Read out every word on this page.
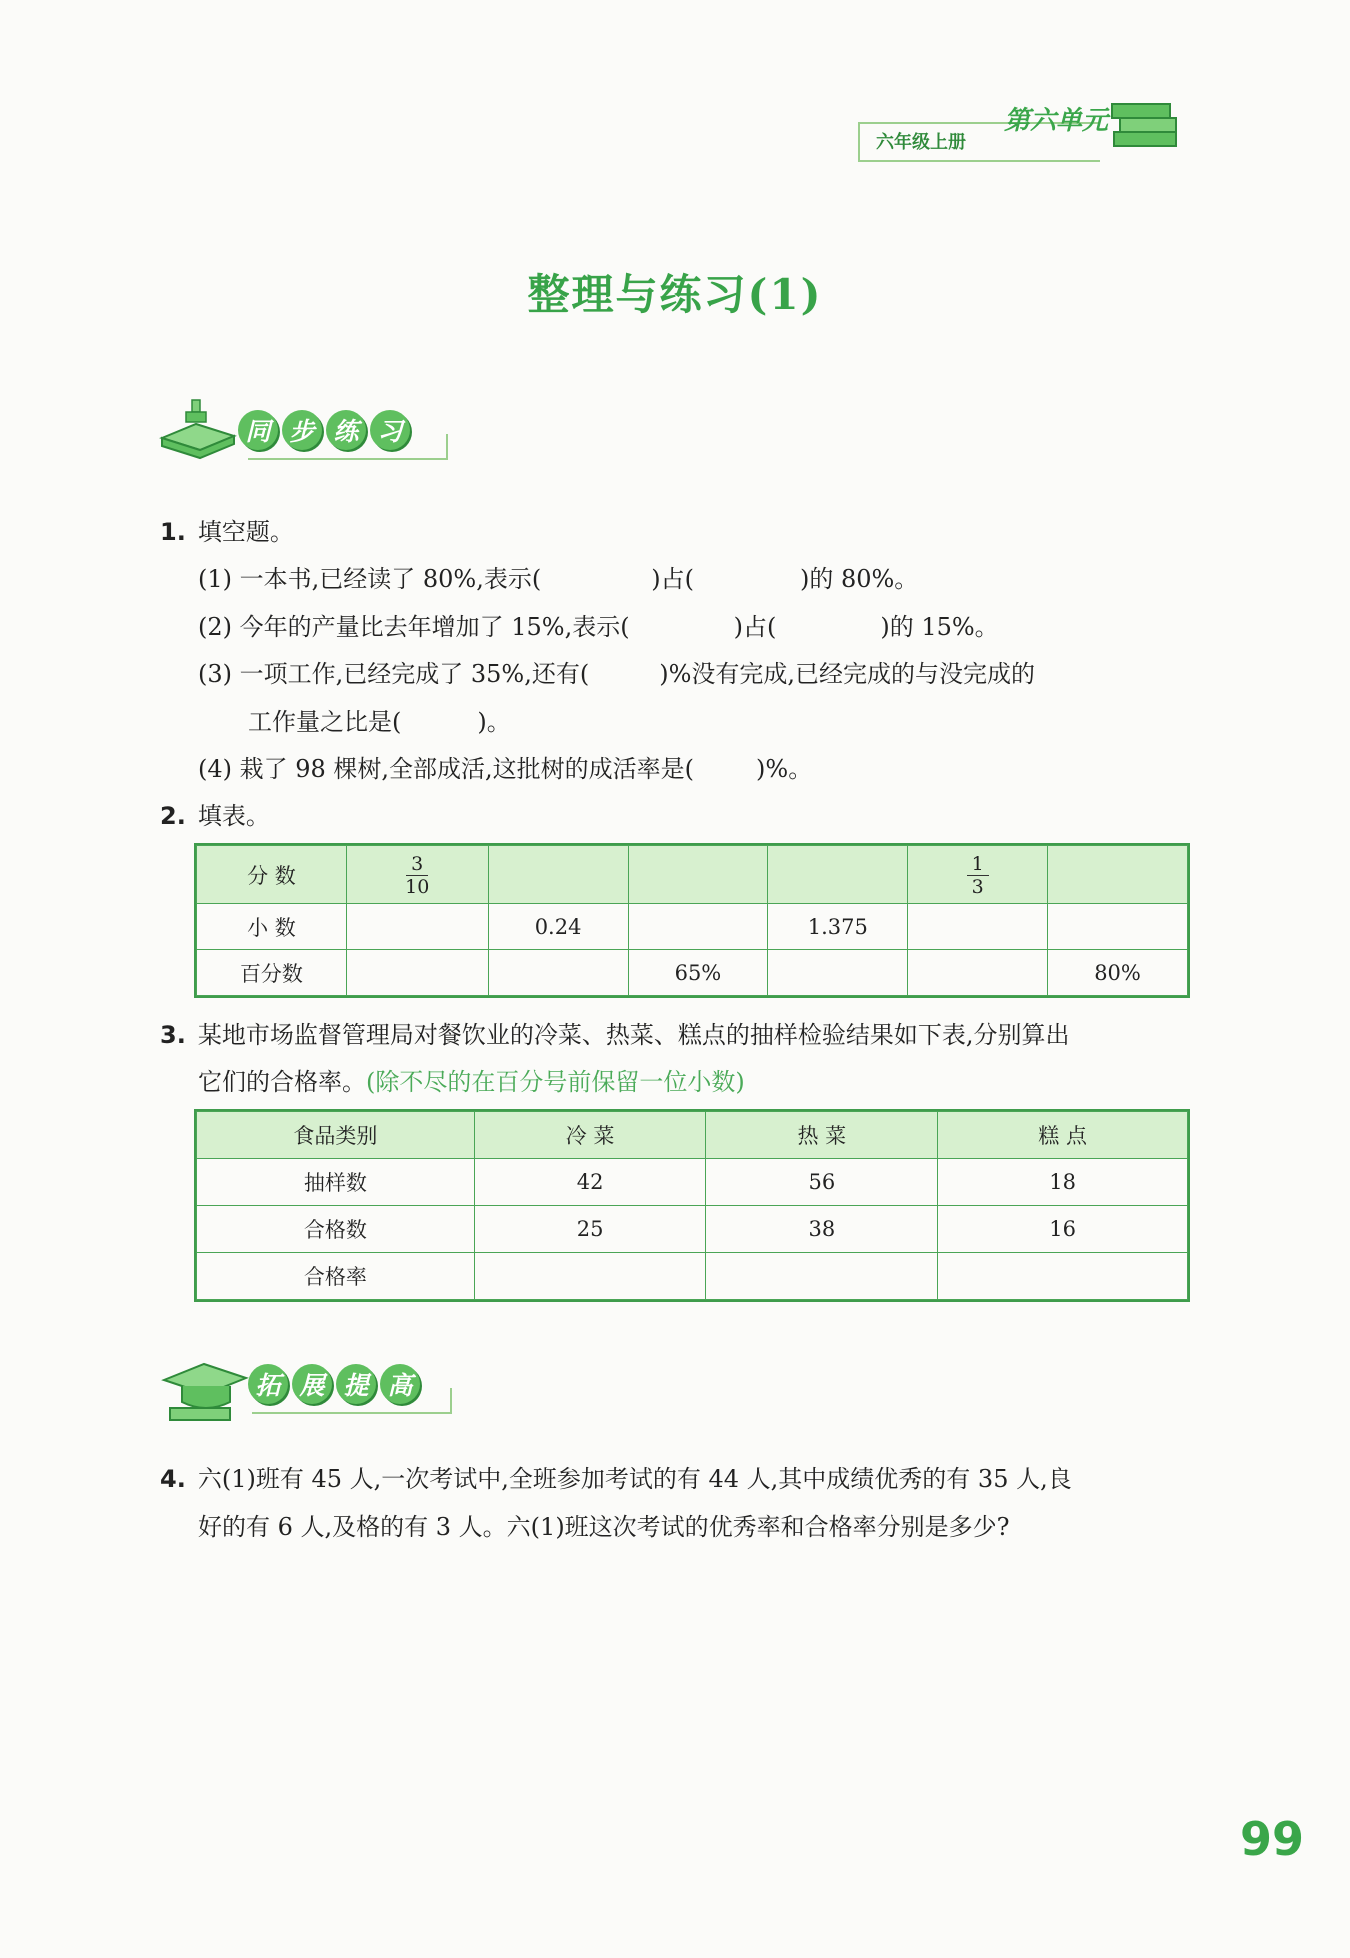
六年级上册
第六单元
整理与练习(1)
同 步 练 习
1. 填空题。
(1) 一本书,已经读了 80%,表示(	)占(	)的 80%。
(2) 今年的产量比去年增加了 15%,表示(	)占(	)的 15%。
(3) 一项工作,已经完成了 35%,还有(	)%没有完成,已经完成的与没完成的
工作量之比是(	)。
(4) 栽了 98 棵树,全部成活,这批树的成活率是(	)%。
2. 填表。
分 数	$\frac{3}{10}$				$\frac{1}{3}$

小 数		0.24		1.375		
百分数			65%			80%
3. 某地市场监督管理局对餐饮业的冷菜、热菜、糕点的抽样检验结果如下表,分别算出
它们的合格率。(除不尽的在百分号前保留一位小数)
食品类别	冷 菜	热 菜	糕 点
抽样数	42	56	18
合格数	25	38	16
合格率			
拓 展 提 高
4. 六(1)班有 45 人,一次考试中,全班参加考试的有 44 人,其中成绩优秀的有 35 人,良
好的有 6 人,及格的有 3 人。六(1)班这次考试的优秀率和合格率分别是多少?
99
